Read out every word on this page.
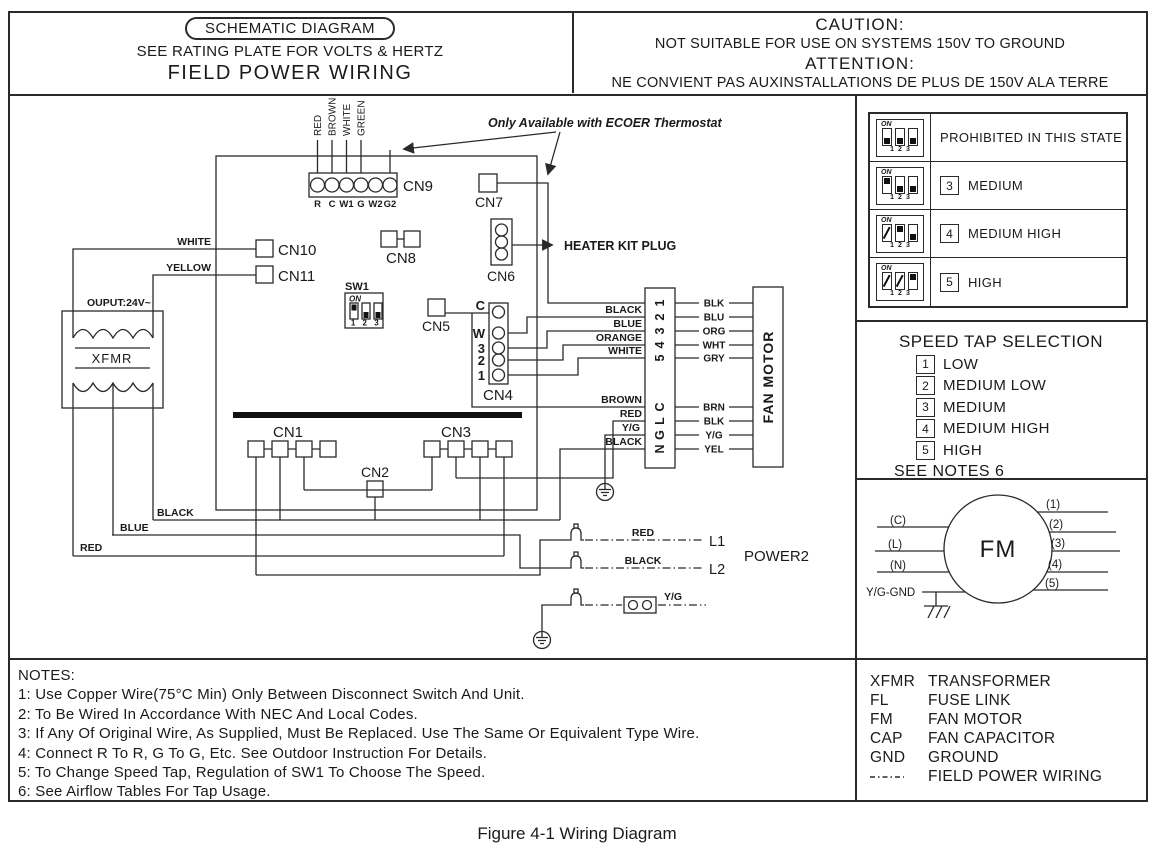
SCHEMATIC DIAGRAM
SEE RATING PLATE FOR VOLTS & HERTZ
FIELD POWER WIRING
CAUTION:
NOT SUITABLE FOR USE ON SYSTEMS 150V TO GROUND
ATTENTION:
NE CONVIENT PAS AUXINSTALLATIONS DE PLUS DE 150V ALA TERRE
Only Available with ECOER Thermostat
HEATER KIT PLUG
CN9
R C W1 G W2 G2
RED BROWN WHITE GREEN
CN10
WHITE
CN11
YELLOW
CN8
SW1
ON
1 2 3	CN5
CN6
CN7
CN4
C
W
3
2
1
BLACK
BLUE
ORANGE
WHITE
BROWN
RED
Y/G
BLACK
1
2
3
4
5
C
L
G
N
BLK
BLU
ORG
WHT
GRY
BRN
BLK
Y/G
YEL
FAN MOTOR
CN1
CN2
CN3
OUPUT:24V~
XFMR
BLACK
BLUE
RED
RED
L1
BLACK
L2
POWER2
Y/G
ON
123
PROHIBITED IN THIS STATE
ON
123
3	MEDIUM
ON
123
4	MEDIUM HIGH
ON
123
5	HIGH
SPEED TAP SELECTION
1 LOW
2 MEDIUM LOW
3 MEDIUM
4 MEDIUM HIGH
5 HIGH
SEE NOTES 6
FM
(C)
(L)
(N)
Y/G-GND
(1)
(2)
(3)
(4)
(5)
XFMR TRANSFORMER
FL	FUSE LINK
FM	FAN MOTOR
CAP	FAN CAPACITOR
GND	GROUND
FIELD POWER WIRING
NOTES:
1: Use Copper Wire(75°C Min) Only Between Disconnect Switch And Unit.
2: To Be Wired In Accordance With NEC And Local Codes.
3: If Any Of Original Wire, As Supplied, Must Be Replaced. Use The Same Or Equivalent Type Wire.
4: Connect R To R, G To G, Etc. See Outdoor Instruction For Details.
5: To Change Speed Tap, Regulation of SW1 To Choose The Speed.
6: See Airflow Tables For Tap Usage.
Figure 4-1 Wiring Diagram
